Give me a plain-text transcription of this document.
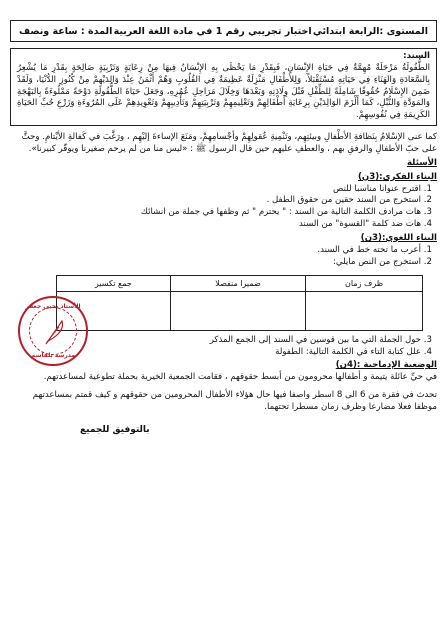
المستوى :الرابعة ابتدائي
اختبار تجريبي رقم 1 في مادة اللغة العربية
المدة : ساعة ونصف
السند:
الطُّفُولَةُ مَرْحَلَةٌ مُهِمَّةٌ فِي حَيَاةِ الإِنْسَانِ، فَبِقَدْرِ مَا يَحْظَى بِهِ الإِنْسَانُ فِيهَا مِنْ رِعَايَةٍ وَتَرْبِيَةٍ صَالِحَةٍ بِقَدْرِ مَا يُشْعِرُ بِالسَّعَادَةِ وَالهَنَاءِ فِي حَيَاتِهِ مُسْتَقْبَلاً، وَلِلأَطْفَالِ مَنْزِلَةٌ عَظِيمَةٌ فِي القُلُوبِ وَهُمْ أَثْمَنُ عِنْدَ وَالِدَيْهِمْ مِنْ كُنُوزِ الدُّنْيَا، وَلَقَدْ ضَمِنَ الإِسْلَامُ حُقُوقًا شَامِلَةً لِلطِّفْلِ قَبْلَ وِلَادَتِهِ وَبَعْدَهَا وَخِلَالَ مَرَاحِلِ عُمُرِهِ، وَجَعَلَ حَيَاةَ الطُّفُولَةِ دَوْحَةً مَمْلُوءَةً بِالبَهْجَةِ وَالمَوَدَّةِ وَالنُّبْلِ، كَمَا أَلْزَمَ الوَالِدَيْنِ بِرِعَايَةِ أَطْفَالِهِمْ وَتَعْلِيمِهِمْ وَتَرْبِيَتِهِمْ وَتَأْدِيبِهِمْ وَتَعْوِيدِهِمْ عَلَى المُرُوءَةِ وَزَرْعِ حُبِّ الحَيَاةِ الكَرِيمَةِ فِي نُفُوسِهِمْ.
كما عنى الإسْلامُ بِنَظافةِ الأطْفالِ وبيئتِهِم، وتَنْمِيةِ عُقولِهِمْ وأجْسامِهِمْ، ومَنَعَ الإساءةَ إليْهِم ، ورَغَّبَ في كَفالةِ الأيْتامِ. وحثَّ على حبّ الأطفالِ والرفقِ بهم ، والعطفِ عليهم حين قال الرسول ﷺ : «ليس منا من لم يرحم صغيرنا ويوقّر كبيرنا».
الأسئلة
البناء الفكري:(3ن)
1. اقترح عنوانا مناسبا للنص
2. استخرج من السند حقين من حقوق الطفل .
3. هات مرادف الكلمة التالية من السند : " يحترم " ثم وظفها في جملة من انشائك
4. هات ضد كلمة "القسوة" من السند
البناء اللغوي:(3ن)
1. أعرب ما تحته خط في السند.
2. استخرج من النص مايلي:
ظرف زمان	ضميرا منفصلا	جمع تكسير

3. حول الجملة التي ما بين قوسين في السند إلى الجمع المذكر
4. علل كتابة التاء في الكلمة التالية: الطفولة
الوضعية الإدماجية :(4ن)
في حيِّ عائلة يتيمة و أطفالها محرومون من أبسط حقوقهم ، فقامت الجمعية الخيرية بحملة تطوعية لمساعدتهم.
تحدث في فقرة من 6 الى 8 اسطر واصفا فيها حال هؤلاء الأطفال المحرومين من حقوقهم و كيف قمتم بمساعدتهم موظفا فعلا مضارعا وظرف زمان مسطرا تحتهما.
بالتوفيق للجميع
الأستاذ يحيى جعفر
مدرسة بلقاسم
